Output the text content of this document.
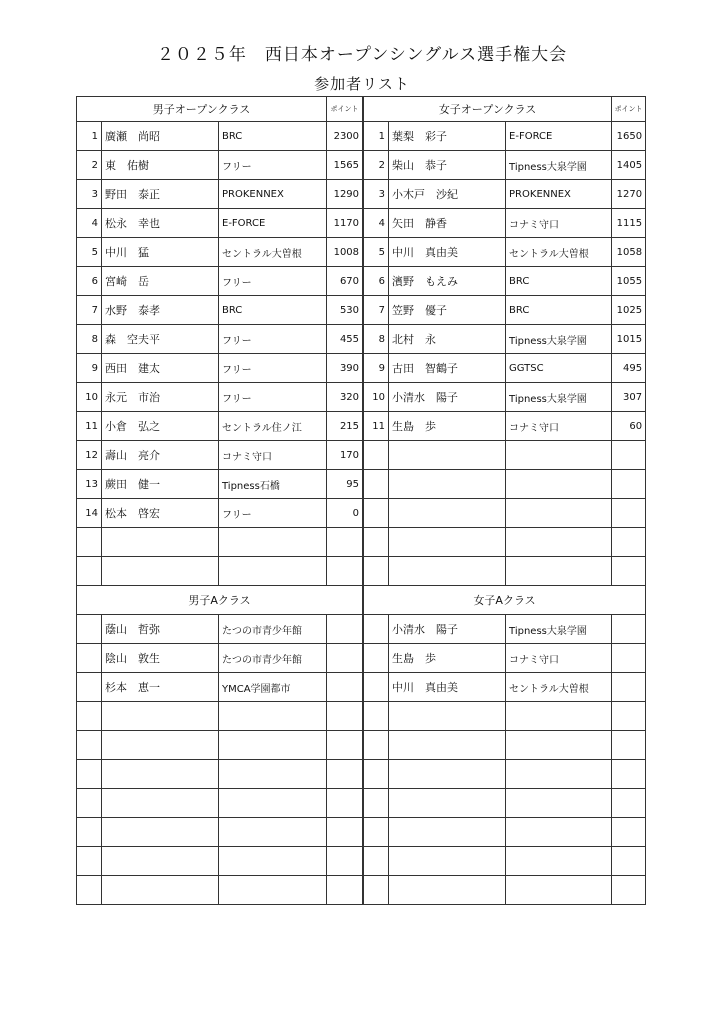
２０２５年　西日本オープンシングルス選手権大会
参加者リスト
男子オープンクラス			ポイント		女子オープンクラス			ポイント
1	廣瀬　尚昭	BRC	2300		1	葉梨　彩子	E-FORCE	1650
2	東　佑樹	フリー	1565		2	柴山　恭子	Tipness大泉学園	1405
3	野田　泰正	PROKENNEX	1290		3	小木戸　沙紀	PROKENNEX	1270
4	松永　幸也	E-FORCE	1170		4	矢田　静香	コナミ守口	1115
5	中川　猛	セントラル大曽根	1008		5	中川　真由美	セントラル大曽根	1058
6	宮崎　岳	フリー	670		6	濱野　もえみ	BRC	1055
7	水野　泰孝	BRC	530		7	笠野　優子	BRC	1025
8	森　空夫平	フリー	455		8	北村　永	Tipness大泉学園	1015
9	西田　建太	フリー	390		9	古田　智鶴子	GGTSC	495
10	永元　市治	フリー	320		10	小清水　陽子	Tipness大泉学園	307
11	小倉　弘之	セントラル住ノ江	215		11	生島　歩	コナミ守口	60
12	壽山　亮介	コナミ守口	170					
13	蕨田　健一	Tipness石橋	95					
14	松本　啓宏	フリー	0					

男子Aクラス				女子Aクラス			
	蔭山　哲弥	たつの市青少年館				小清水　陽子	Tipness大泉学園	
	陰山　敦生	たつの市青少年館				生島　歩	コナミ守口	
	杉本　恵一	YMCA学園都市				中川　真由美	セントラル大曽根	
